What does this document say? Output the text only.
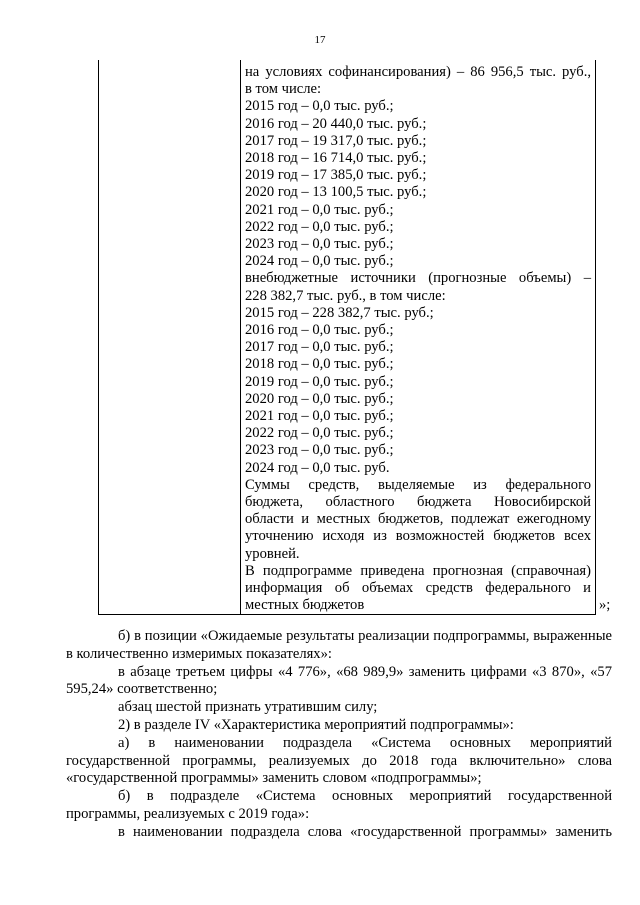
17
на условиях софинансирования) – 86 956,5 тыс. руб.,
в том числе:
2015 год – 0,0 тыс. руб.;
2016 год – 20 440,0 тыс. руб.;
2017 год – 19 317,0 тыс. руб.;
2018 год – 16 714,0 тыс. руб.;
2019 год – 17 385,0 тыс. руб.;
2020 год – 13 100,5 тыс. руб.;
2021 год – 0,0 тыс. руб.;
2022 год – 0,0 тыс. руб.;
2023 год – 0,0 тыс. руб.;
2024 год – 0,0 тыс. руб.;
внебюджетные источники (прогнозные объемы) –
228 382,7 тыс. руб., в том числе:
2015 год – 228 382,7 тыс. руб.;
2016 год – 0,0 тыс. руб.;
2017 год – 0,0 тыс. руб.;
2018 год – 0,0 тыс. руб.;
2019 год – 0,0 тыс. руб.;
2020 год – 0,0 тыс. руб.;
2021 год – 0,0 тыс. руб.;
2022 год – 0,0 тыс. руб.;
2023 год – 0,0 тыс. руб.;
2024 год – 0,0 тыс. руб.
Суммы средств, выделяемые из федерального
бюджета, областного бюджета Новосибирской
области и местных бюджетов, подлежат ежегодному
уточнению исходя из возможностей бюджетов всех
уровней.
В подпрограмме приведена прогнозная (справочная)
информация об объемах средств федерального и
местных бюджетов	»;
б) в позиции «Ожидаемые результаты реализации подпрограммы, выраженные в количественно измеримых показателях»:
в абзаце третьем цифры «4 776», «68 989,9» заменить цифрами «3 870», «57 595,24» соответственно;
абзац шестой признать утратившим силу;
2) в разделе IV «Характеристика мероприятий подпрограммы»:
а) в наименовании подраздела «Система основных мероприятий государственной программы, реализуемых до 2018 года включительно» слова «государственной программы» заменить словом «подпрограммы»;
б) в подразделе «Система основных мероприятий государственной программы, реализуемых с 2019 года»:
в наименовании подраздела слова «государственной программы» заменить
